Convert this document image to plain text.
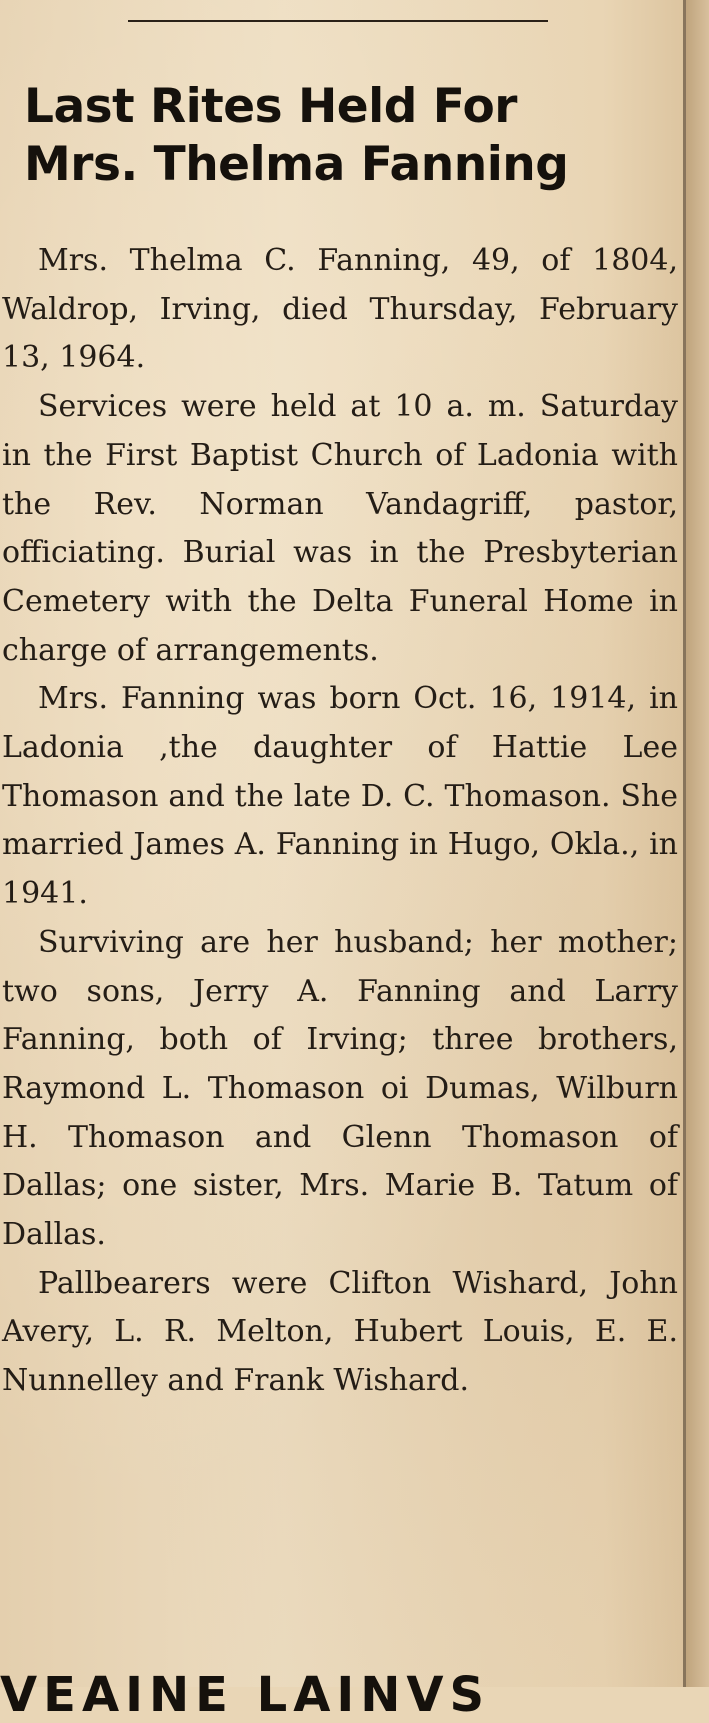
Last Rites Held For
Mrs. Thelma Fanning

Mrs. Thelma C. Fanning, 49, of 1804, Waldrop, Irving, died Thursday, February 13, 1964.

Services were held at 10 a. m. Saturday in the First Baptist Church of Ladonia with the Rev. Norman Vandagriff, pastor, officiating. Burial was in the Presbyterian Cemetery with the Delta Funeral Home in charge of arrangements.

Mrs. Fanning was born Oct. 16, 1914, in Ladonia ,the daughter of Hattie Lee Thomason and the late D. C. Thomason. She married James A. Fanning in Hugo, Okla., in 1941.

Surviving are her husband; her mother; two sons, Jerry A. Fanning and Larry Fanning, both of Irving; three brothers, Raymond L. Thomason oi Dumas, Wilburn H. Thomason and Glenn Thomason of Dallas; one sister, Mrs. Marie B. Tatum of Dallas.

Pallbearers were Clifton Wishard, John Avery, L. R. Melton, Hubert Louis, E. E. Nunnelley and Frank Wishard.

VEAINE LAINVS
